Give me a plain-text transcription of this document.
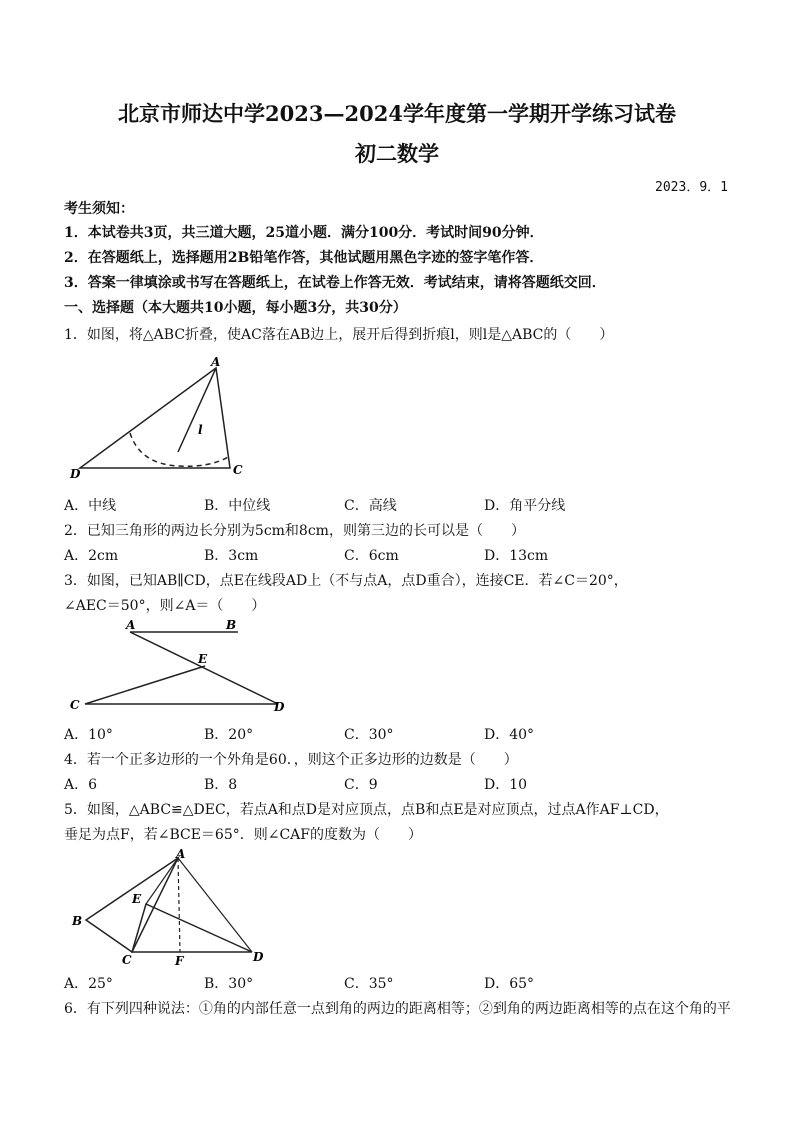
北京市师达中学2023—2024学年度第一学期开学练习试卷
初二数学
2023．9．1
考生须知：
1．本试卷共3页，共三道大题，25道小题．满分100分．考试时间90分钟．
2．在答题纸上，选择题用2B铅笔作答，其他试题用黑色字迹的签字笔作答．
3．答案一律填涂或书写在答题纸上，在试卷上作答无效．考试结束，请将答题纸交回．
一、选择题（本大题共10小题，每小题3分，共30分）
1．如图，将△ABC折叠，使AC落在AB边上，展开后得到折痕l，则l是△ABC的（　　）
A
l
D	C
A．中线	B．中位线	C．高线	D．角平分线
2．已知三角形的两边长分别为5cm和8cm，则第三边的长可以是（　　）
A．2cm	B．3cm	C．6cm	D．13cm
3．如图，已知AB∥CD，点E在线段AD上（不与点A，点D重合），连接CE．若∠C＝20°，
∠AEC＝50°，则∠A＝（　　）
A	B
E
C	D
A．10°	B．20°	C．30°	D．40°
4．若一个正多边形的一个外角是60．，则这个正多边形的边数是（　　）
A．6	B．8	C．9	D．10
5．如图，△ABC≌△DEC，若点A和点D是对应顶点，点B和点E是对应顶点，过点A作AF⊥CD，
垂足为点F，若∠BCE＝65°．则∠CAF的度数为（　　）
A
E
B
C	F	D
A．25°	B．30°	C．35°	D．65°
6．有下列四种说法：①角的内部任意一点到角的两边的距离相等；②到角的两边距离相等的点在这个角的平
